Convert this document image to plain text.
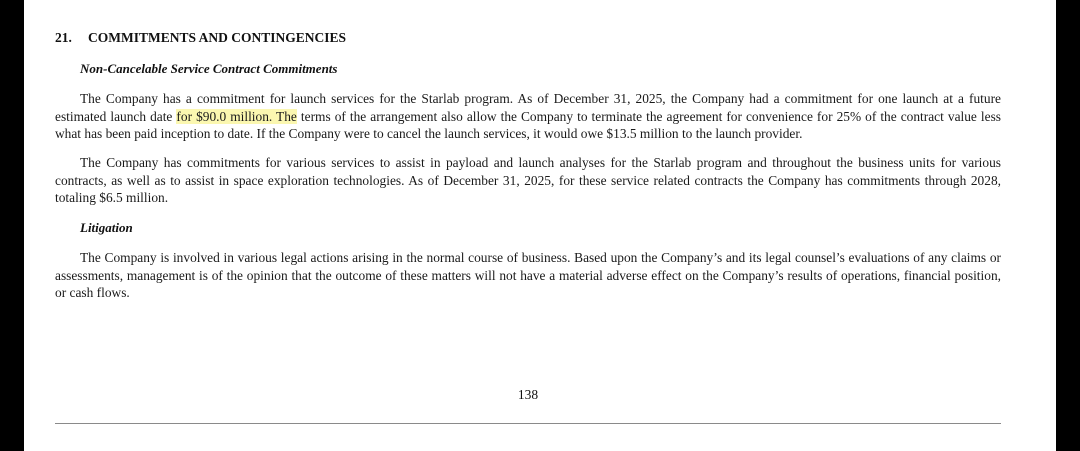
21. COMMITMENTS AND CONTINGENCIES
Non-Cancelable Service Contract Commitments

The Company has a commitment for launch services for the Starlab program. As of December 31, 2025, the Company had a commitment for one launch at a future estimated launch date for $90.0 million. The terms of the arrangement also allow the Company to terminate the agreement for convenience for 25% of the contract value less what has been paid inception to date. If the Company were to cancel the launch services, it would owe $13.5 million to the launch provider.

The Company has commitments for various services to assist in payload and launch analyses for the Starlab program and throughout the business units for various contracts, as well as to assist in space exploration technologies. As of December 31, 2025, for these service related contracts the Company has commitments through 2028, totaling $6.5 million.

Litigation

The Company is involved in various legal actions arising in the normal course of business. Based upon the Company’s and its legal counsel’s evaluations of any claims or assessments, management is of the opinion that the outcome of these matters will not have a material adverse effect on the Company’s results of operations, financial position, or cash flows.

138
